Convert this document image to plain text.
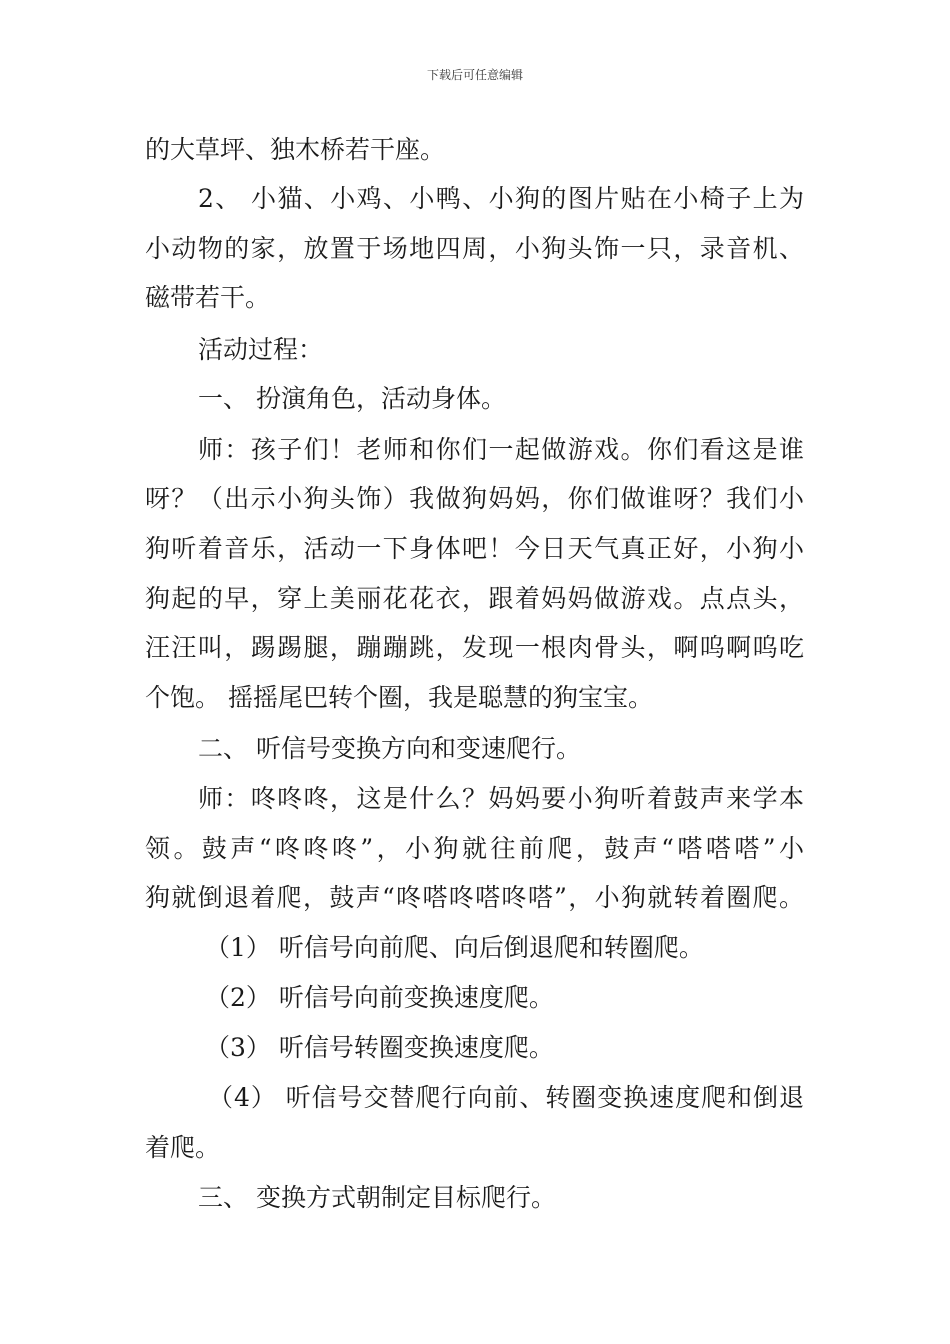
下载后可任意编辑
的大草坪、独木桥若干座。
2、 小猫、小鸡、小鸭、小狗的图片贴在小椅子上为
小动物的家，放置于场地四周，小狗头饰一只，录音机、
磁带若干。
活动过程：
一、 扮演角色，活动身体。
师：孩子们！老师和你们一起做游戏。你们看这是谁
呀？（出示小狗头饰）我做狗妈妈，你们做谁呀？我们小
狗听着音乐，活动一下身体吧！今日天气真正好，小狗小
狗起的早，穿上美丽花花衣，跟着妈妈做游戏。点点头，
汪汪叫，踢踢腿，蹦蹦跳，发现一根肉骨头，啊呜啊呜吃
个饱。 摇摇尾巴转个圈，我是聪慧的狗宝宝。
二、 听信号变换方向和变速爬行。
师：咚咚咚，这是什么？妈妈要小狗听着鼓声来学本
领。鼓声“咚咚咚”，小狗就往前爬，鼓声“嗒嗒嗒”小
狗就倒退着爬，鼓声“咚嗒咚嗒咚嗒”，小狗就转着圈爬。
（1） 听信号向前爬、向后倒退爬和转圈爬。
（2） 听信号向前变换速度爬。
（3） 听信号转圈变换速度爬。
（4） 听信号交替爬行向前、转圈变换速度爬和倒退
着爬。
三、 变换方式朝制定目标爬行。
